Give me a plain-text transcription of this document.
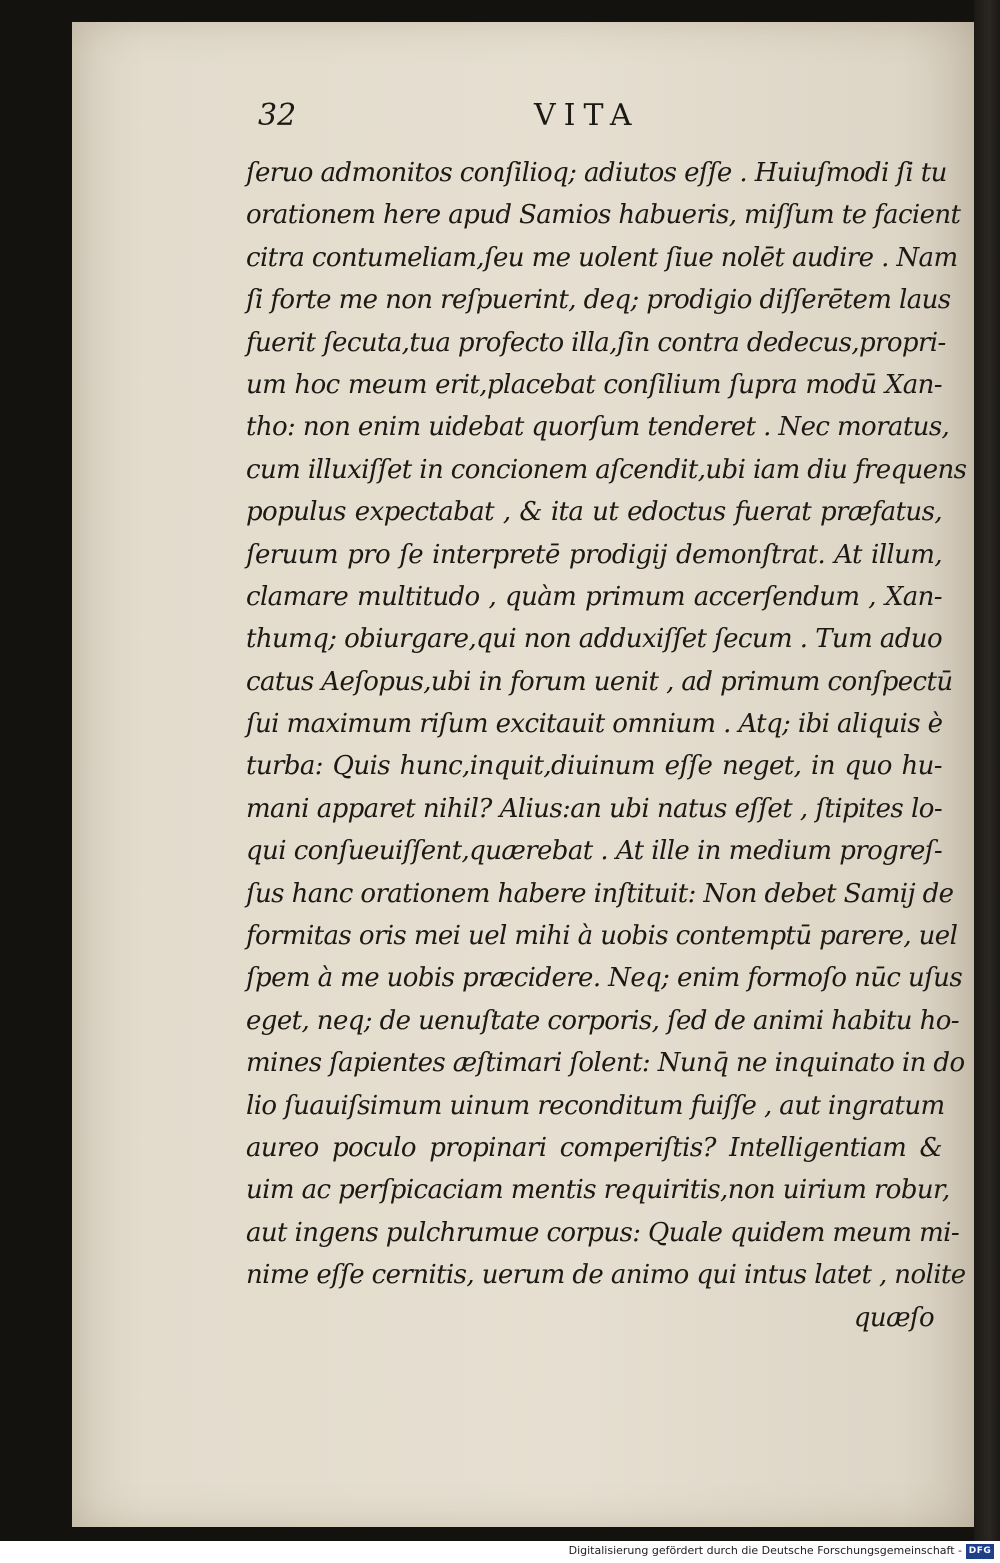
32	VITA
ſeruo admonitos conſilioq; adiutos eſſe . Huiuſmodi ſi tu
orationem here apud Samios habueris, miſſum te facient
citra contumeliam,ſeu me uolent ſiue nolēt audire . Nam
ſi forte me non reſpuerint, deq; prodigio diſſerētem laus
fuerit ſecuta,tua profecto illa,ſin contra dedecus,propri-
um hoc meum erit,placebat conſilium ſupra modū Xan-
tho: non enim uidebat quorſum tenderet . Nec moratus,
cum illuxiſſet in concionem aſcendit,ubi iam diu frequens
populus expectabat , & ita ut edoctus fuerat præfatus,
ſeruum pro ſe interpretē prodigij demonſtrat. At illum,
clamare multitudo , quàm primum accerſendum , Xan-
thumq; obiurgare,qui non adduxiſſet ſecum . Tum aduo
catus Aeſopus,ubi in forum uenit , ad primum conſpectū
ſui maximum riſum excitauit omnium . Atq; ibi aliquis è
turba: Quis hunc,inquit,diuinum eſſe neget, in quo hu-
mani apparet nihil? Alius:an ubi natus eſſet , ſtipites lo-
qui conſueuiſſent,quærebat . At ille in medium progreſ-
ſus hanc orationem habere inſtituit: Non debet Samij de
formitas oris mei uel mihi à uobis contemptū parere, uel
ſpem à me uobis præcidere. Neq; enim formoſo nūc uſus
eget, neq; de uenuſtate corporis, ſed de animi habitu ho-
mines ſapientes æſtimari ſolent: Nunq̄ ne inquinato in do
lio ſuauiſsimum uinum reconditum fuiſſe , aut ingratum
aureo poculo propinari comperiſtis? Intelligentiam &
uim ac perſpicaciam mentis requiritis,non uirium robur,
aut ingens pulchrumue corpus: Quale quidem meum mi-
nime eſſe cernitis, uerum de animo qui intus latet , nolite
quæſo
Digitalisierung gefördert durch die Deutsche Forschungsgemeinschaft - DFG
